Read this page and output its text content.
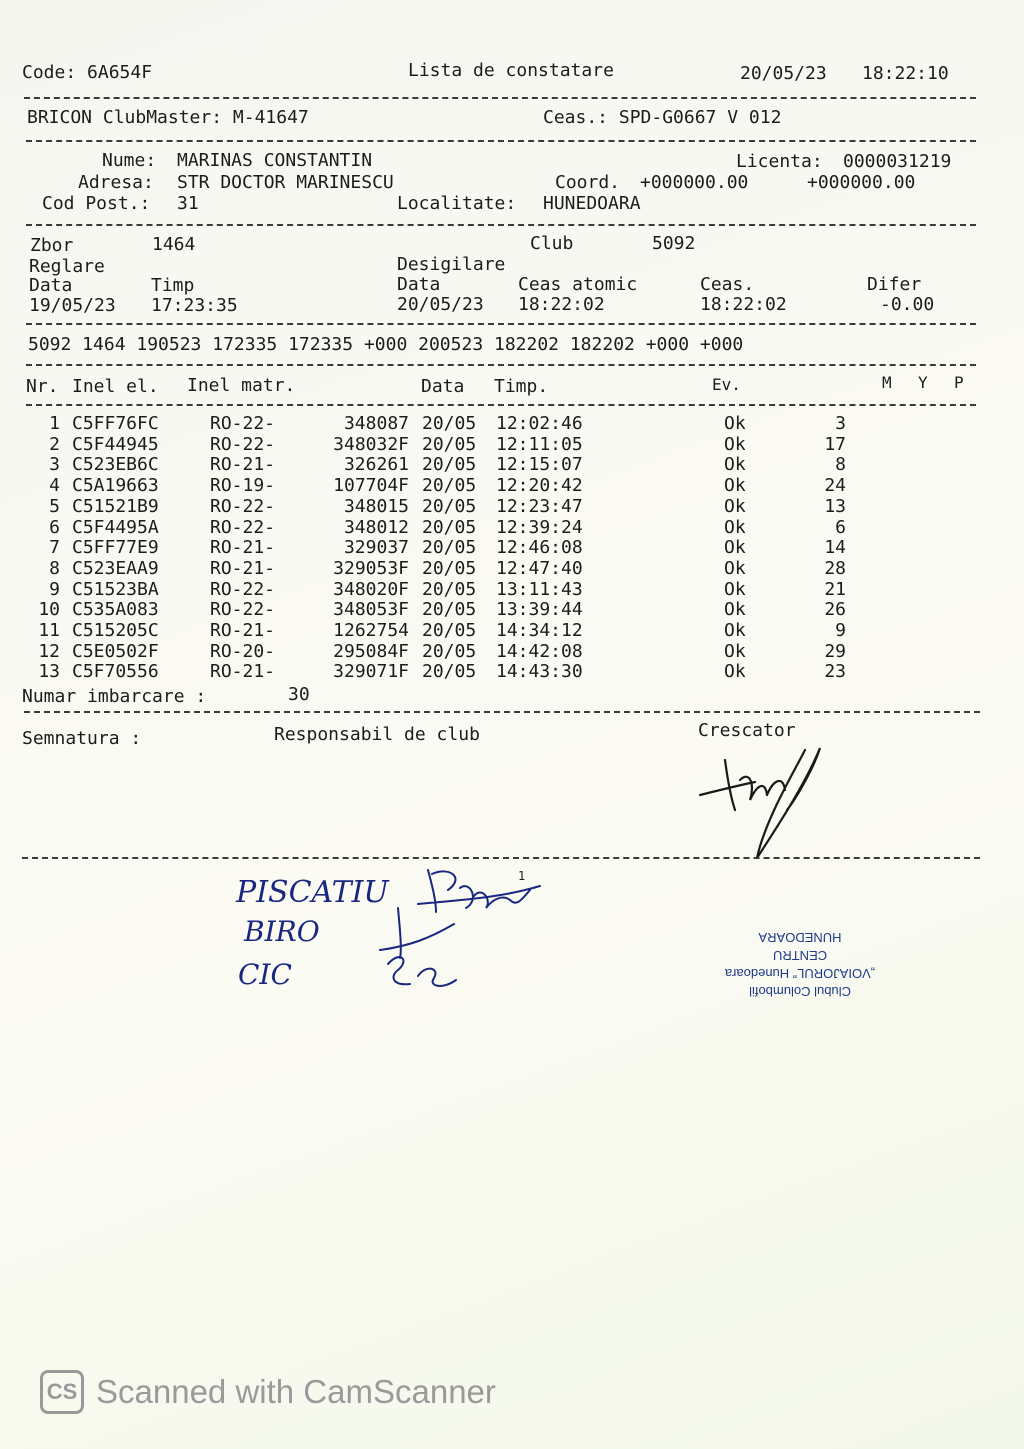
Code: 6A654F	Lista de constatare	20/05/23 18:22:10
BRICON ClubMaster: M-41647	Ceas.: SPD-G0667 V 012
Nume: MARINAS CONSTANTIN	Licenta: 0000031219
Adresa: STR DOCTOR MARINESCU	Coord. +000000.00	+000000.00
Cod Post.: 31	Localitate: HUNEDOARA
Zbor	1464	Club	5092
Reglare	Desigilare
Data	Timp	Data	Ceas atomic	Ceas.	Difer
19/05/23 17:23:35	20/05/23 18:22:02	18:22:02	-0.00
5092 1464 190523 172335 172335 +000 200523 182202 182202 +000 +000
Nr. Inel el. Inel matr.	Data Timp.	Ev.	M Y P
1 C5FF76FC	RO-22-	348087 20/05 12:02:46	Ok	3
2 C5F44945	RO-22-	348032F 20/05 12:11:05	Ok	17
3 C523EB6C	RO-21-	326261 20/05 12:15:07	Ok	8
4 C5A19663	RO-19-	107704F 20/05 12:20:42	Ok	24
5 C51521B9	RO-22-	348015 20/05 12:23:47	Ok	13
6 C5F4495A	RO-22-	348012 20/05 12:39:24	Ok	6
7 C5FF77E9	RO-21-	329037 20/05 12:46:08	Ok	14
8 C523EAA9	RO-21-	329053F 20/05 12:47:40	Ok	28
9 C51523BA	RO-22-	348020F 20/05 13:11:43	Ok	21
10 C535A083	RO-22-	348053F 20/05 13:39:44	Ok	26
11 C515205C	RO-21-	1262754 20/05 14:34:12	Ok	9
12 C5E0502F	RO-20-	295084F 20/05 14:42:08	Ok	29
13 C5F70556	RO-21-	329071F 20/05 14:43:30	Ok	23
Numar imbarcare :	30
Semnatura :	Responsabil de club	Crescator
PISCATIU
BIRO
CIC
1
Clubul Columbofil
„VOIAJORUL” Hunedoara
CENTRU
HUNEDOARA
CS Scanned with CamScanner
